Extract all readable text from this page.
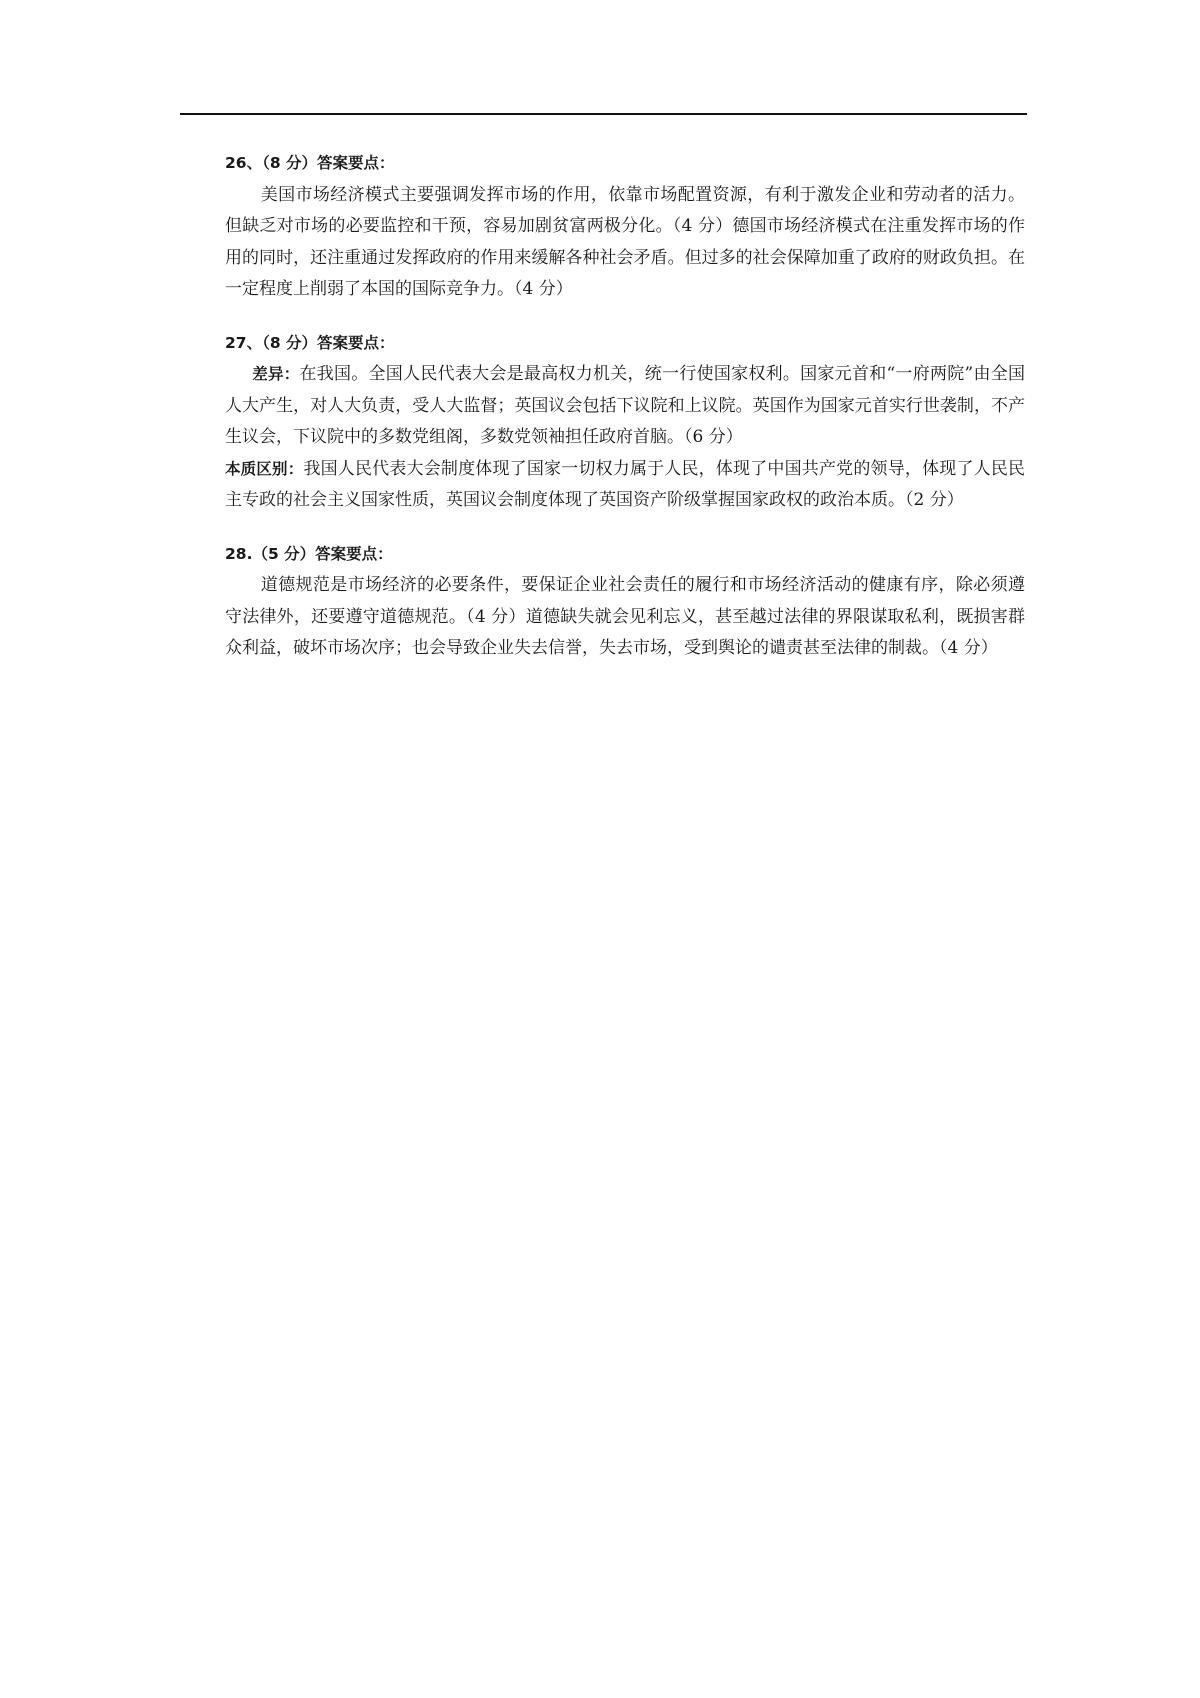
26、（8 分）答案要点：

美国市场经济模式主要强调发挥市场的作用，依靠市场配置资源，有利于激发企业和劳动者的活力。但缺乏对市场的必要监控和干预，容易加剧贫富两极分化。（4 分）德国市场经济模式在注重发挥市场的作用的同时，还注重通过发挥政府的作用来缓解各种社会矛盾。但过多的社会保障加重了政府的财政负担。在一定程度上削弱了本国的国际竞争力。（4 分）

27、（8 分）答案要点：

差异：在我国。全国人民代表大会是最高权力机关，统一行使国家权利。国家元首和“一府两院”由全国人大产生，对人大负责，受人大监督；英国议会包括下议院和上议院。英国作为国家元首实行世袭制，不产生议会，下议院中的多数党组阁，多数党领袖担任政府首脑。（6 分）

本质区别：我国人民代表大会制度体现了国家一切权力属于人民，体现了中国共产党的领导，体现了人民民主专政的社会主义国家性质，英国议会制度体现了英国资产阶级掌握国家政权的政治本质。（2 分）

28.（5 分）答案要点：

道德规范是市场经济的必要条件，要保证企业社会责任的履行和市场经济活动的健康有序，除必须遵守法律外，还要遵守道德规范。（4 分）道德缺失就会见利忘义，甚至越过法律的界限谋取私利，既损害群众利益，破坏市场次序；也会导致企业失去信誉，失去市场，受到舆论的谴责甚至法律的制裁。（4 分）
